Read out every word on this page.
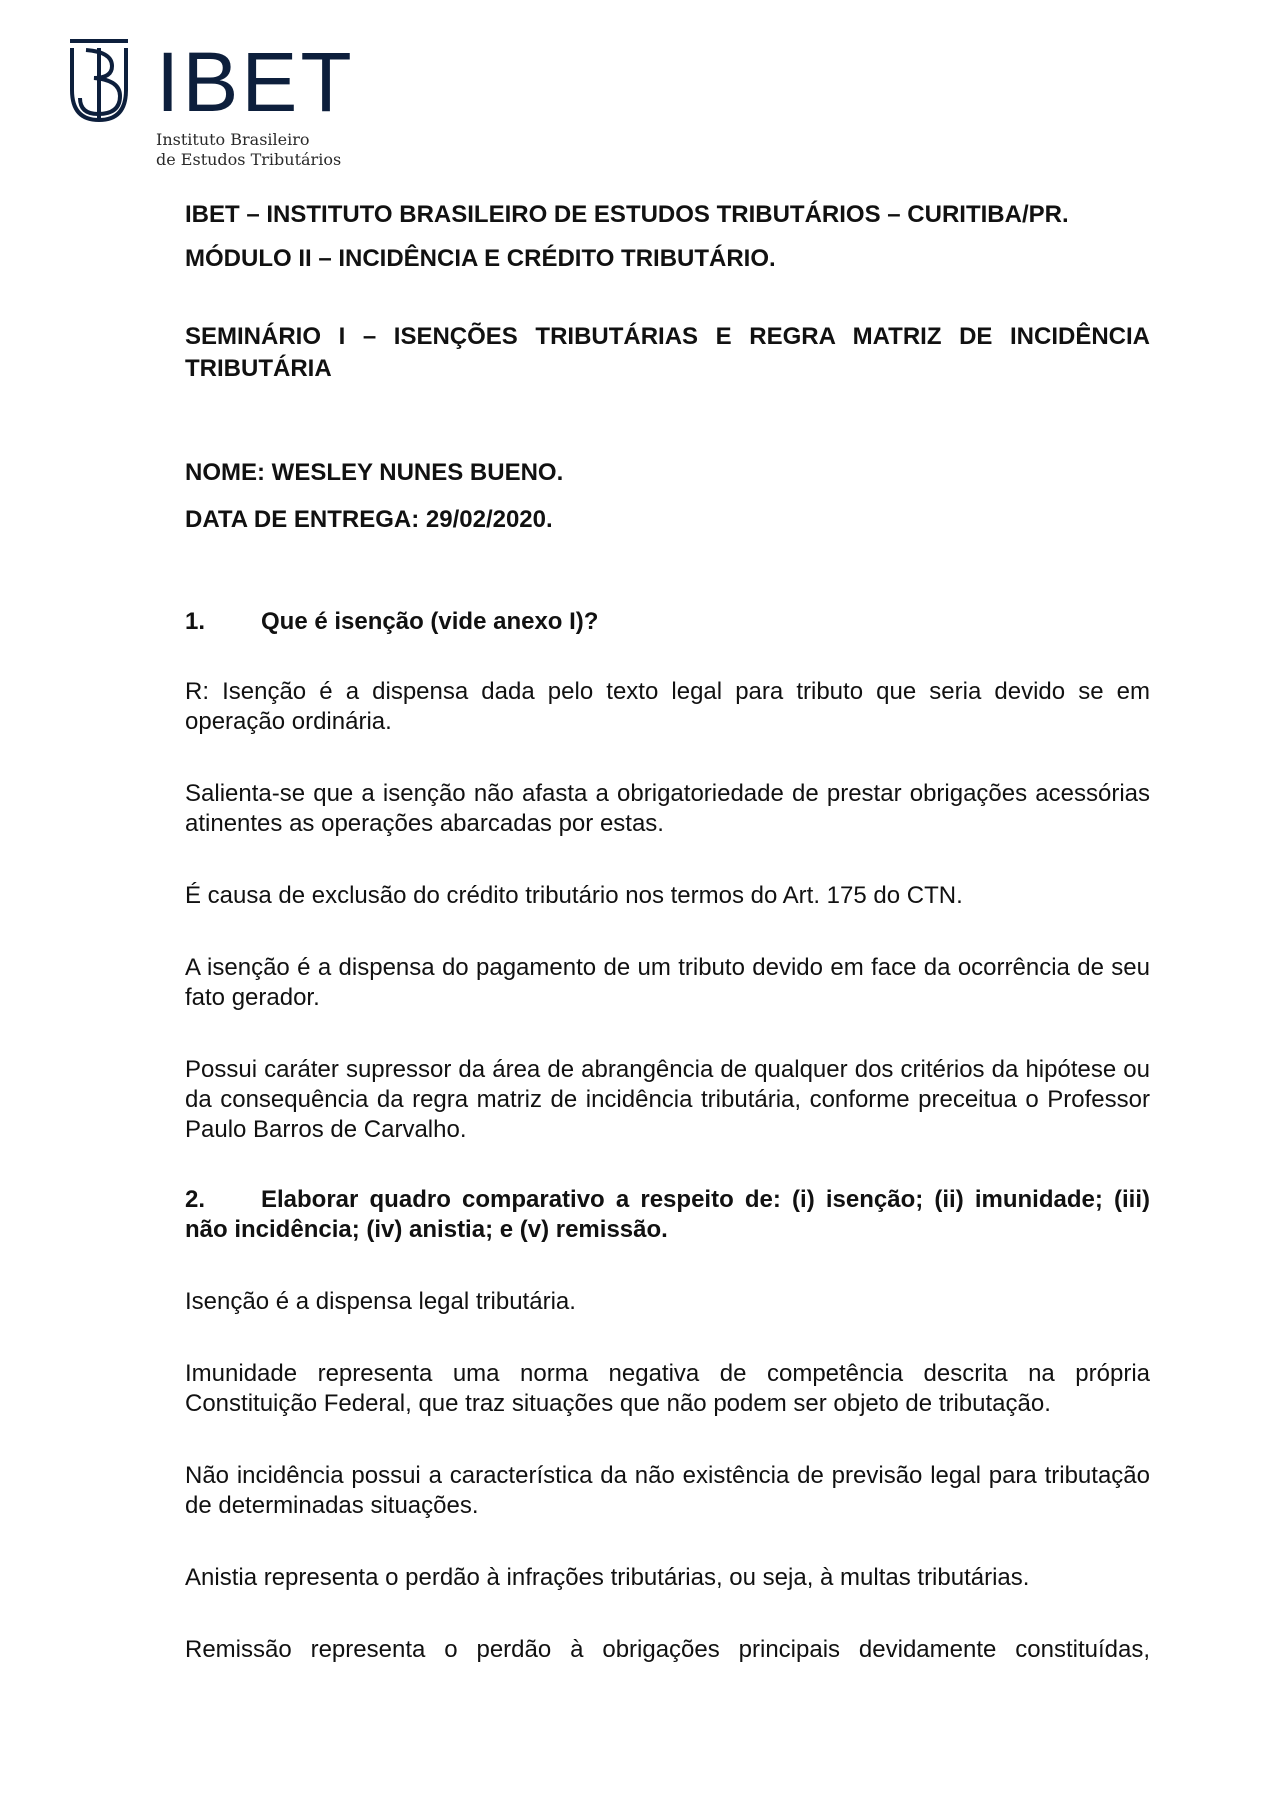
IBET
Instituto Brasileiro
de Estudos Tributários

IBET – INSTITUTO BRASILEIRO DE ESTUDOS TRIBUTÁRIOS – CURITIBA/PR.

MÓDULO II – INCIDÊNCIA E CRÉDITO TRIBUTÁRIO.

SEMINÁRIO I – ISENÇÕES TRIBUTÁRIAS E REGRA MATRIZ DE INCIDÊNCIA

TRIBUTÁRIA

NOME: WESLEY NUNES BUENO.

DATA DE ENTREGA: 29/02/2020.

1. Que é isenção (vide anexo I)?

R: Isenção é a dispensa dada pelo texto legal para tributo que seria devido se em operação ordinária.

Salienta-se que a isenção não afasta a obrigatoriedade de prestar obrigações acessórias atinentes as operações abarcadas por estas.

É causa de exclusão do crédito tributário nos termos do Art. 175 do CTN.

A isenção é a dispensa do pagamento de um tributo devido em face da ocorrência de seu fato gerador.

Possui caráter supressor da área de abrangência de qualquer dos critérios da hipótese ou da consequência da regra matriz de incidência tributária, conforme preceitua o Professor Paulo Barros de Carvalho.

2. Elaborar quadro comparativo a respeito de: (i) isenção; (ii) imunidade; (iii) não incidência; (iv) anistia; e (v) remissão.

Isenção é a dispensa legal tributária.

Imunidade representa uma norma negativa de competência descrita na própria Constituição Federal, que traz situações que não podem ser objeto de tributação.

Não incidência possui a característica da não existência de previsão legal para tributação de determinadas situações.

Anistia representa o perdão à infrações tributárias, ou seja, à multas tributárias.

Remissão representa o perdão à obrigações principais devidamente constituídas,
